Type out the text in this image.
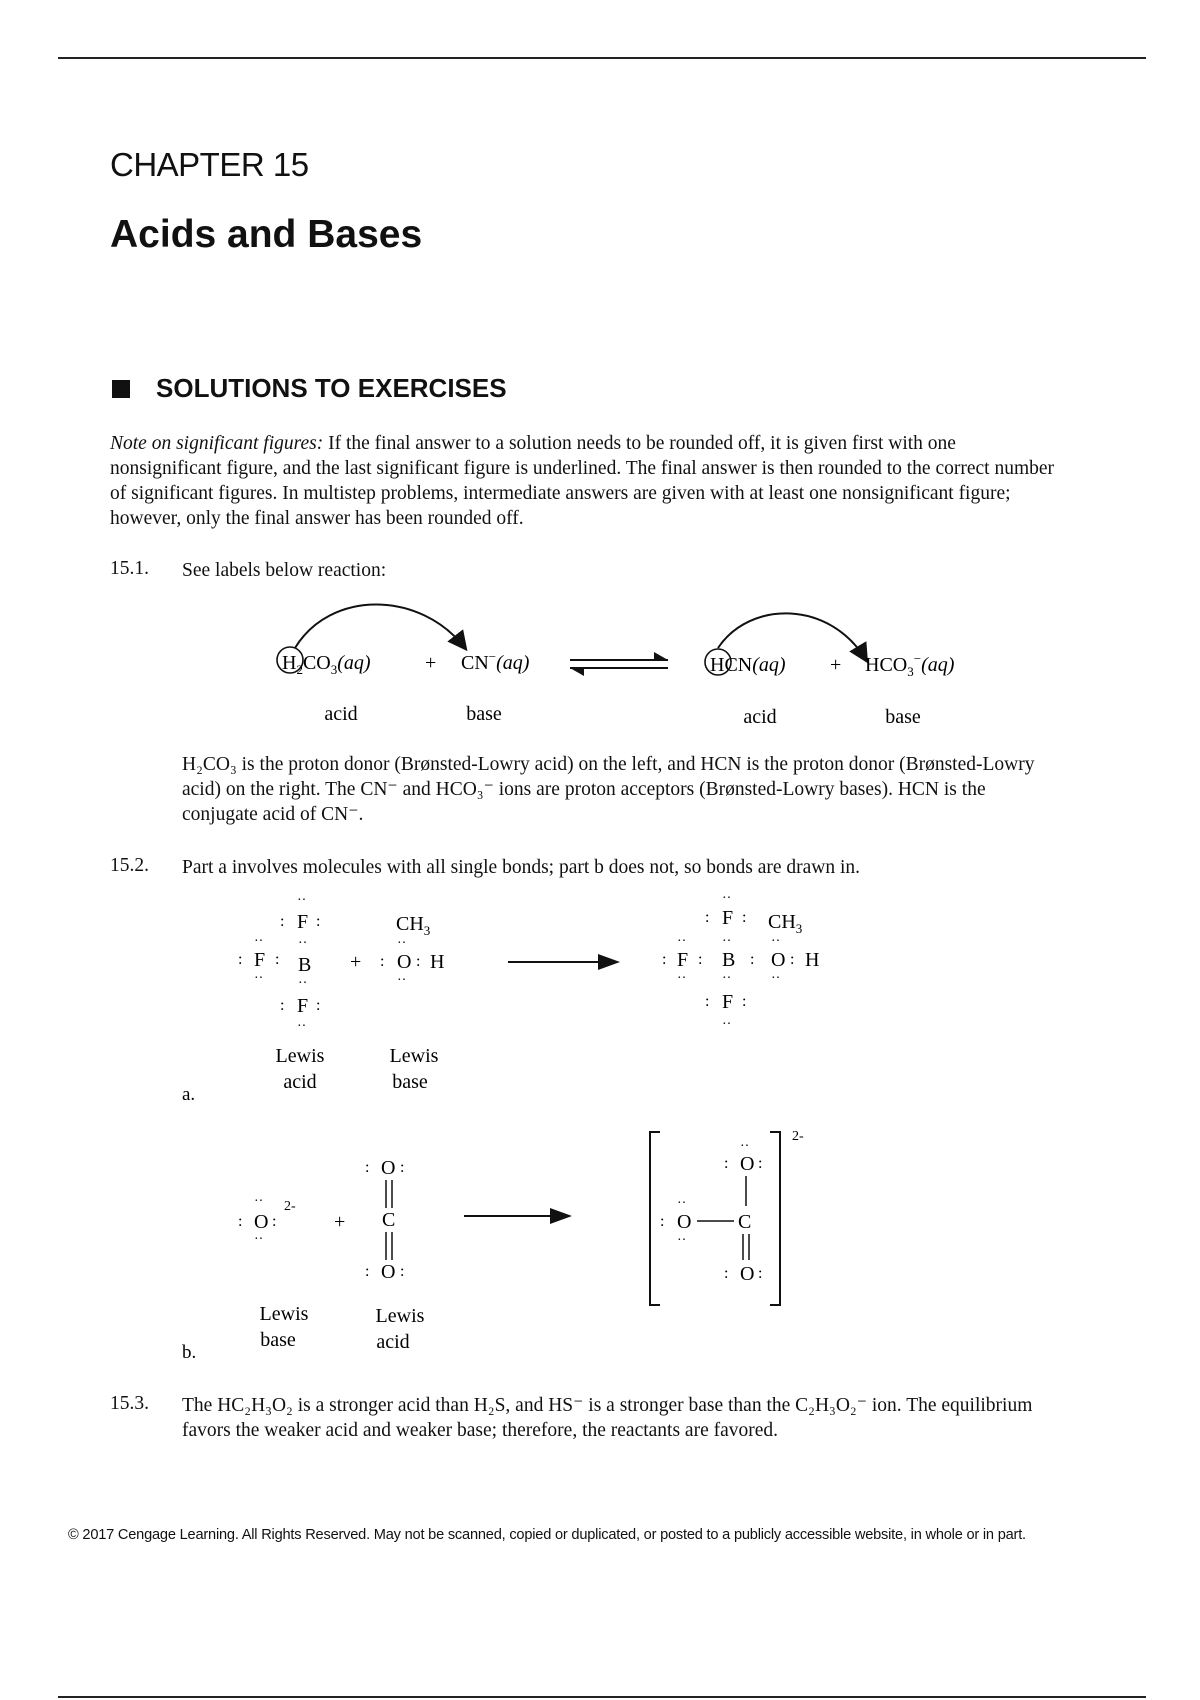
CHAPTER 15
Acids and Bases
SOLUTIONS TO EXERCISES
Note on significant figures: If the final answer to a solution needs to be rounded off, it is given first with one nonsignificant figure, and the last significant figure is underlined. The final answer is then rounded to the correct number of significant figures. In multistep problems, intermediate answers are given with at least one nonsignificant figure; however, only the final answer has been rounded off.
15.1. See labels below reaction:
$H_2CO_3(aq)$	+ CN−(aq)	$HCN(aq) + HCO_3^-(aq)$
acid	base	acid	base
H₂CO₃ is the proton donor (Brønsted-Lowry acid) on the left, and HCN is the proton donor (Brønsted-Lowry acid) on the right. The CN⁻ and HCO₃⁻ ions are proton acceptors (Brønsted-Lowry bases). HCN is the conjugate acid of CN⁻.
15.2. Part a involves molecules with all single bonds; part b does not, so bonds are drawn in.
F
F B
F
: :
··
: :
··
··
··
··
: :
··
+
$CH_3$
: O : H
··
··
F
: :
··
$CH_3$
: F :
··
··
B
··
··
: O
··
··
: H
F
: :
··
Lewis
acid
Lewis
base
a.
: O :
··
··
2-
+
: O :
C
: O :
2-
: O :
··
: O
··
··
C
: O :
Lewis
base
Lewis
acid
b.
15.3. The HC₂H₃O₂ is a stronger acid than H₂S, and HS⁻ is a stronger base than the C₂H₃O₂⁻ ion. The equilibrium favors the weaker acid and weaker base; therefore, the reactants are favored.
© 2017 Cengage Learning. All Rights Reserved. May not be scanned, copied or duplicated, or posted to a publicly accessible website, in whole or in part.
